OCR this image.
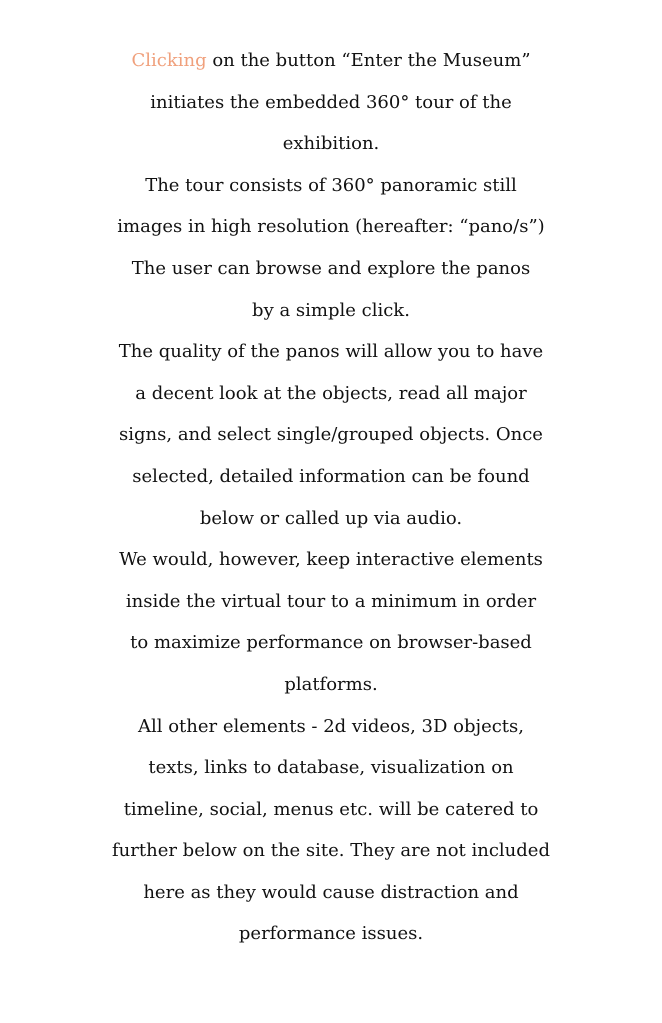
Clicking on the button “Enter the Museum”

initiates the embedded 360° tour of the

exhibition.

The tour consists of 360° panoramic still

images in high resolution (hereafter: “pano/s”)

The user can browse and explore the panos

by a simple click.

The quality of the panos will allow you to have

a decent look at the objects, read all major

signs, and select single/grouped objects. Once

selected, detailed information can be found

below or called up via audio.

We would, however, keep interactive elements

inside the virtual tour to a minimum in order

to maximize performance on browser-based

platforms.

All other elements - 2d videos, 3D objects,

texts, links to database, visualization on

timeline, social, menus etc. will be catered to

further below on the site. They are not included

here as they would cause distraction and

performance issues.
